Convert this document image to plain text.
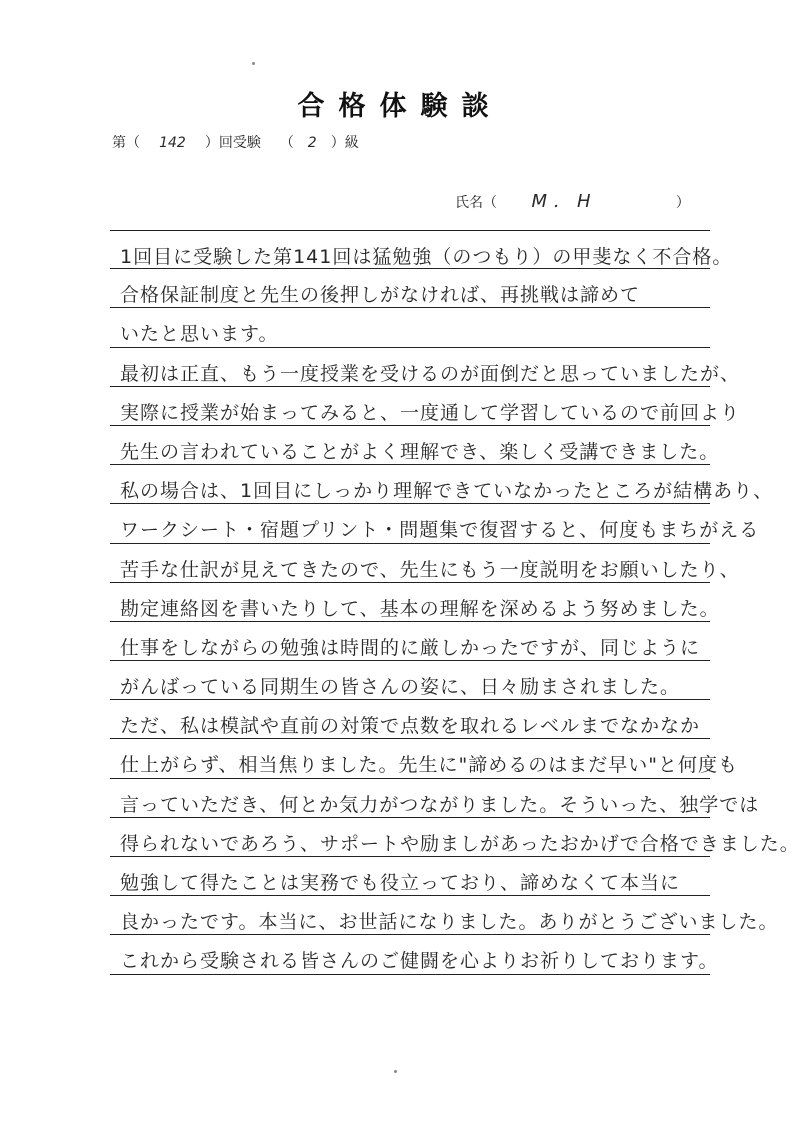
合格体験談
第（ 142 ）回受験 （ 2 ）級
氏名（ M．H	）
1回目に受験した第141回は猛勉強（のつもり）の甲斐なく不合格。
合格保証制度と先生の後押しがなければ、再挑戦は諦めて
いたと思います。
最初は正直、もう一度授業を受けるのが面倒だと思っていましたが、
実際に授業が始まってみると、一度通して学習しているので前回より
先生の言われていることがよく理解でき、楽しく受講できました。
私の場合は、1回目にしっかり理解できていなかったところが結構あり、
ワークシート・宿題プリント・問題集で復習すると、何度もまちがえる
苦手な仕訳が見えてきたので、先生にもう一度説明をお願いしたり、
勘定連絡図を書いたりして、基本の理解を深めるよう努めました。
仕事をしながらの勉強は時間的に厳しかったですが、同じように
がんばっている同期生の皆さんの姿に、日々励まされました。
ただ、私は模試や直前の対策で点数を取れるレベルまでなかなか
仕上がらず、相当焦りました。先生に"諦めるのはまだ早い"と何度も
言っていただき、何とか気力がつながりました。そういった、独学では
得られないであろう、サポートや励ましがあったおかげで合格できました。
勉強して得たことは実務でも役立っており、諦めなくて本当に
良かったです。本当に、お世話になりました。ありがとうございました。
これから受験される皆さんのご健闘を心よりお祈りしております。
